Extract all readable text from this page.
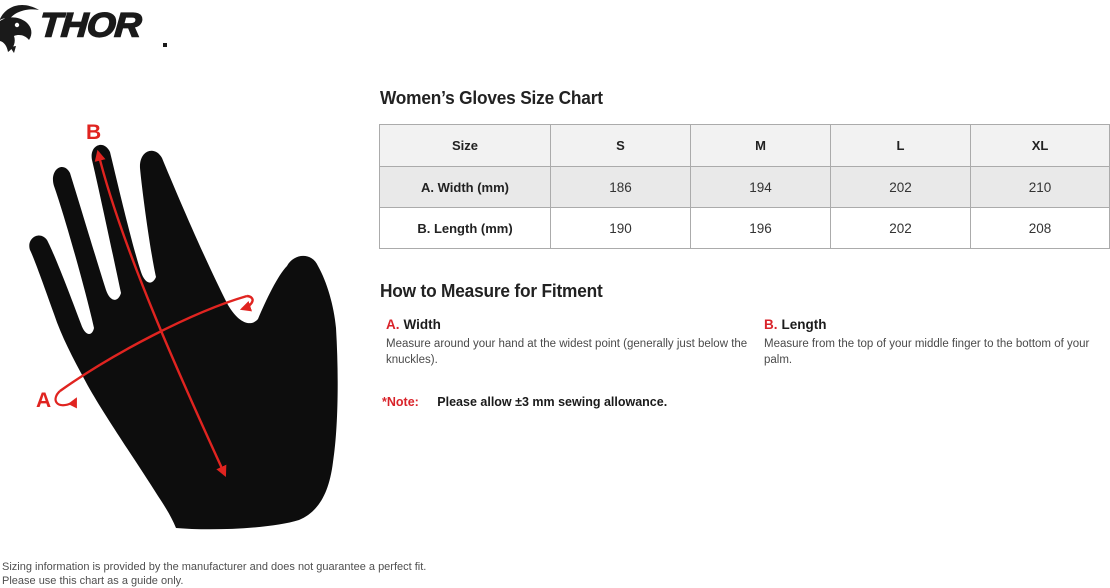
THOR
B
A
Women’s Gloves Size Chart
Size	S	M	L	XL
A. Width (mm)	186	194	202	210
B. Length (mm)	190	196	202	208
How to Measure for Fitment
A. Width
Measure around your hand at the widest point (generally just below the knuckles).
B. Length
Measure from the top of your middle finger to the bottom of your palm.
*Note: Please allow ±3 mm sewing allowance.
Sizing information is provided by the manufacturer and does not guarantee a perfect fit.
Please use this chart as a guide only.
